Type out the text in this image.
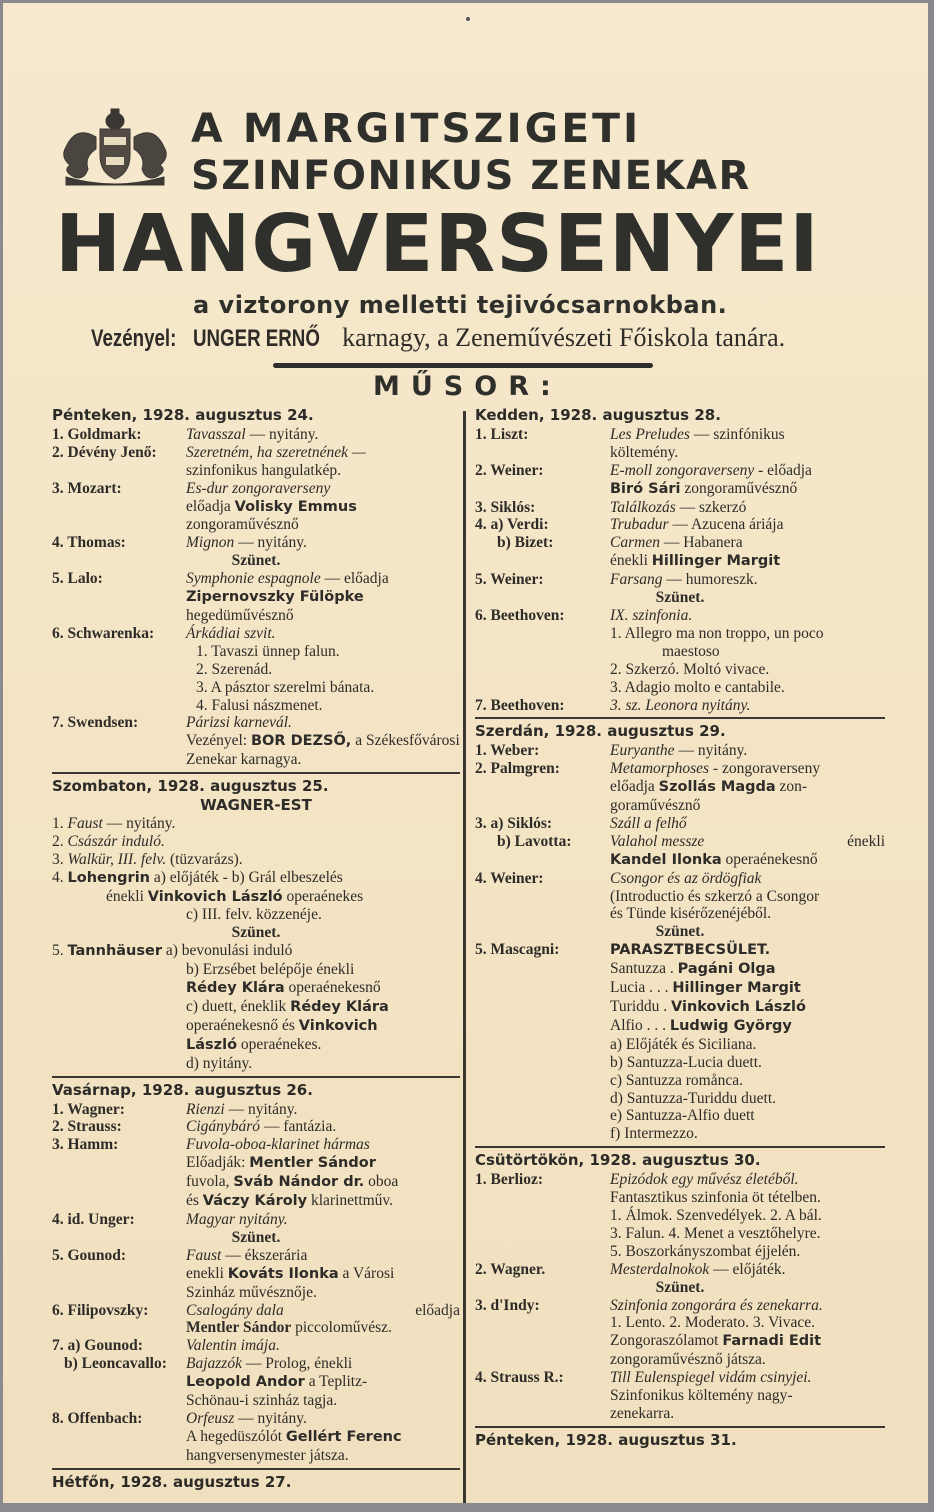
A MARGITSZIGETI
SZINFONIKUS ZENEKAR
HANGVERSENYEI
a viztorony melletti tejivócsarnokban.
Vezényel: UNGER ERNŐ karnagy, a Zeneművészeti Főiskola tanára.
MŰSOR:
Pénteken, 1928. augusztus 24.
1. Goldmark:	Tavasszal — nyitány.
2. Dévény Jenő:	Szeretném, ha szeretnének —
szinfonikus hangulatkép.
3. Mozart:	Es-dur zongoraverseny
előadja Volisky Emmus
zongoraművésznő
4. Thomas:	Mignon — nyitány.
Szünet.
5. Lalo:	Symphonie espagnole — előadja
Zipernovszky Fülöpke
hegedüművésznő
6. Schwarenka:	Árkádiai szvit.
1. Tavaszi ünnep falun.
2. Szerenád.
3. A pásztor szerelmi bánata.
4. Falusi nászmenet.
7. Swendsen:	Párizsi karnevál.
Vezényel: BOR DEZSŐ, a Székesfővárosi Zenekar karnagya.
Szombaton, 1928. augusztus 25.
WAGNER-EST
1. Faust — nyitány.
2. Császár induló.
3. Walkür, III. felv. (tüzvarázs).
4. Lohengrin a) előjáték - b) Grál elbeszelés
énekli Vinkovich László operaénekes
c) III. felv. közzenéje.
Szünet.
5. Tannhäuser a) bevonulási induló
b) Erzsébet belépője énekli
Rédey Klára operaénekesnő
c) duett, éneklik Rédey Klára
operaénekesnő és Vinkovich
László operaénekes.
d) nyitány.
Vasárnap, 1928. augusztus 26.
1. Wagner:	Rienzi — nyitány.
2. Strauss:	Cigánybáró — fantázia.
3. Hamm:	Fuvola-oboa-klarinet hármas
Előadják: Mentler Sándor
fuvola, Sváb Nándor dr. oboa
és Váczy Károly klarinettműv.
4. id. Unger:	Magyar nyitány.
Szünet.
5. Gounod:	Faust — ékszerária
enekli Kováts Ilonka a Városi
Szinház művésznője.
6. Filipovszky:	Csalogány dala	előadja

Mentler Sándor piccoloművész.
7. a) Gounod:	Valentin imája.
b) Leoncavallo:	Bajazzók — Prolog, énekli
Leopold Andor a Teplitz-
Schönau-i szinház tagja.
8. Offenbach:	Orfeusz — nyitány.
A hegedüszólót Gellért Ferenc
hangversenymester játsza.
Hétfőn, 1928. augusztus 27.
Kedden, 1928. augusztus 28.
1. Liszt:	Les Preludes — szinfónikus
költemény.
2. Weiner:	E-moll zongoraverseny - előadja
Biró Sári zongoraművésznő
3. Siklós:	Találkozás — szkerzó
4. a) Verdi:	Trubadur — Azucena áriája
b) Bizet:	Carmen — Habanera
énekli Hillinger Margit
5. Weiner:	Farsang — humoreszk.
Szünet.
6. Beethoven:	IX. szinfonia.
1. Allegro ma non troppo, un poco
maestoso
2. Szkerzó. Moltó vivace.
3. Adagio molto e cantabile.
7. Beethoven:	3. sz. Leonora nyitány.
Szerdán, 1928. augusztus 29.
1. Weber:	Euryanthe — nyitány.
2. Palmgren:	Metamorphoses - zongoraverseny
előadja Szollás Magda zon-
goraművésznő
3. a) Siklós:	Száll a felhő
b) Lavotta:	Valahol messze	énekli

Kandel Ilonka operaénekesnő
4. Weiner:	Csongor és az ördögfiak
(Introductio és szkerzó a Csongor
és Tünde kisérőzenéjéből.
Szünet.
5. Mascagni:	PARASZTBECSÜLET.
Santuzza . Pagáni Olga
Lucia . . . Hillinger Margit
Turiddu . Vinkovich László
Alfio . . . Ludwig György
a) Előjáték és Siciliana.
b) Santuzza-Lucia duett.
c) Santuzza romånca.
d) Santuzza-Turiddu duett.
e) Santuzza-Alfio duett
f) Intermezzo.
Csütörtökön, 1928. augusztus 30.
1. Berlioz:	Epizódok egy művész életéből.
Fantasztikus szinfonia öt tételben.
1. Álmok. Szenvedélyek. 2. A bál.
3. Falun. 4. Menet a vesztőhelyre.
5. Boszorkányszombat éjjelén.
2. Wagner.	Mesterdalnokok — előjáték.
Szünet.
3. d'Indy:	Szinfonia zongorára és zenekarra.
1. Lento. 2. Moderato. 3. Vivace.
Zongoraszólamot Farnadi Edit
zongoraművésznő játsza.
4. Strauss R.:	Till Eulenspiegel vidám csinyjei.
Szinfonikus költemény nagy-
zenekarra.
Pénteken, 1928. augusztus 31.
